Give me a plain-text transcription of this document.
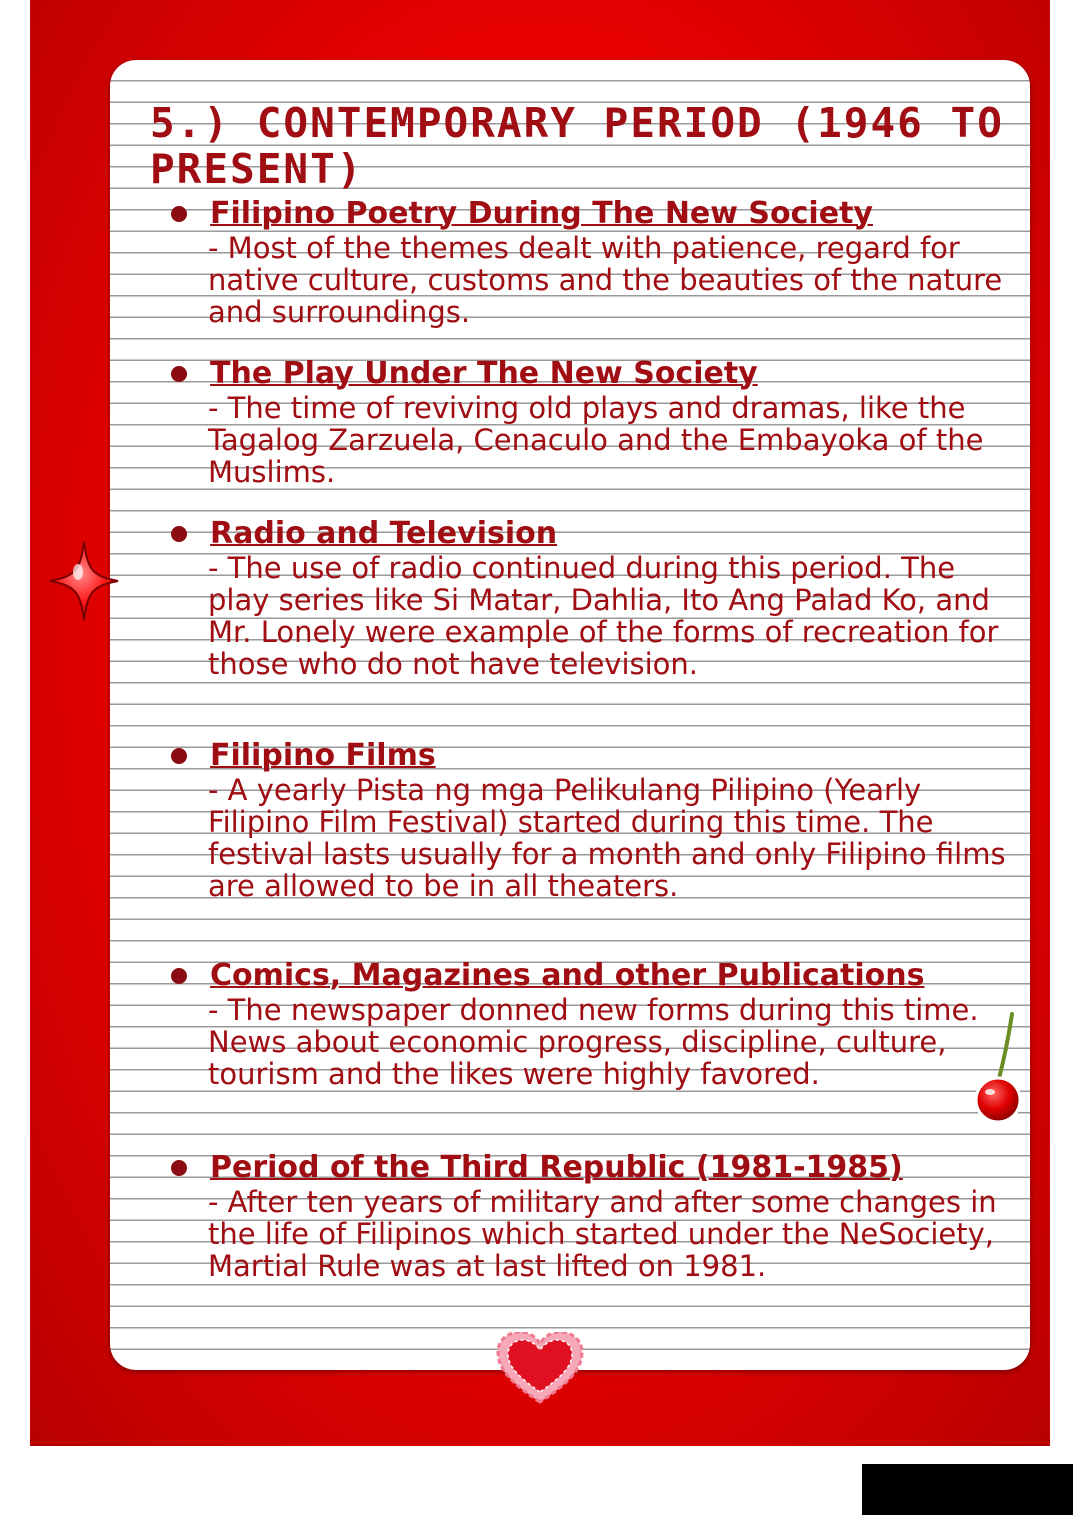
5.) CONTEMPORARY PERIOD (1946 TO PRESENT)
Filipino Poetry During The New Society
- Most of the themes dealt with patience, regard for native culture, customs and the beauties of the nature and surroundings.
The Play Under The New Society
- The time of reviving old plays and dramas, like the Tagalog Zarzuela, Cenaculo and the Embayoka of the Muslims.
Radio and Television
- The use of radio continued during this period. The play series like Si Matar, Dahlia, Ito Ang Palad Ko, and Mr. Lonely were example of the forms of recreation for those who do not have television.
Filipino Films
- A yearly Pista ng mga Pelikulang Pilipino (Yearly Filipino Film Festival) started during this time. The festival lasts usually for a month and only Filipino films are allowed to be in all theaters.
Comics, Magazines and other Publications
- The newspaper donned new forms during this time. News about economic progress, discipline, culture, tourism and the likes were highly favored.
Period of the Third Republic (1981-1985)
- After ten years of military and after some changes in the life of Filipinos which started under the NeSociety, Martial Rule was at last lifted on 1981.
